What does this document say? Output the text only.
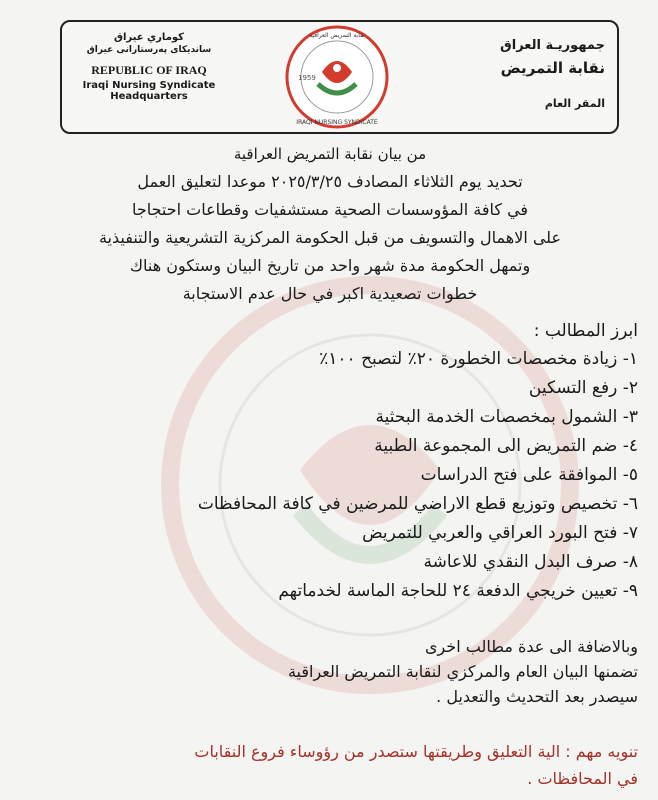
جمهوريـة العراق
نقابة التمريض
المقر العام
1959
IRAQI NURSING SYNDICATE
نقابة التمريض العراقية
كوماري عيراق
سانديكاى پەرستارانى عيراق
REPUBLIC OF IRAQ
Iraqi Nursing Syndicate
Headquarters
من بيان نقابة التمريض العراقية
تحديد يوم الثلاثاء المصادف ٢٠٢٥/٣/٢٥ موعدا لتعليق العمل
في كافة المؤوسسات الصحية مستشفيات وقطاعات احتجاجا
على الاهمال والتسويف من قبل الحكومة المركزية التشريعية والتنفيذية
وتمهل الحكومة مدة شهر واحد من تاريخ البيان وستكون هناك
خطوات تصعيدية اكبر في حال عدم الاستجابة
ابرز المطالب :
١- زيادة مخصصات الخطورة ٢٠٪ لتصبح ١٠٠٪
٢- رفع التسكين
٣- الشمول بمخصصات الخدمة البحثية
٤- ضم التمريض الى المجموعة الطبية
٥- الموافقة على فتح الدراسات
٦- تخصيص وتوزيع قطع الاراضي للمرضين في كافة المحافظات
٧- فتح البورد العراقي والعربي للتمريض
٨- صرف البدل النقدي للاعاشة
٩- تعيين خريجي الدفعة ٢٤ للحاجة الماسة لخدماتهم
وبالاضافة الى عدة مطالب اخرى
تضمنها البيان العام والمركزي لنقابة التمريض العراقية
سيصدر بعد التحديث والتعديل .
تنويه مهم : الية التعليق وطريقتها ستصدر من رؤوساء فروع النقابات
في المحافظات .
